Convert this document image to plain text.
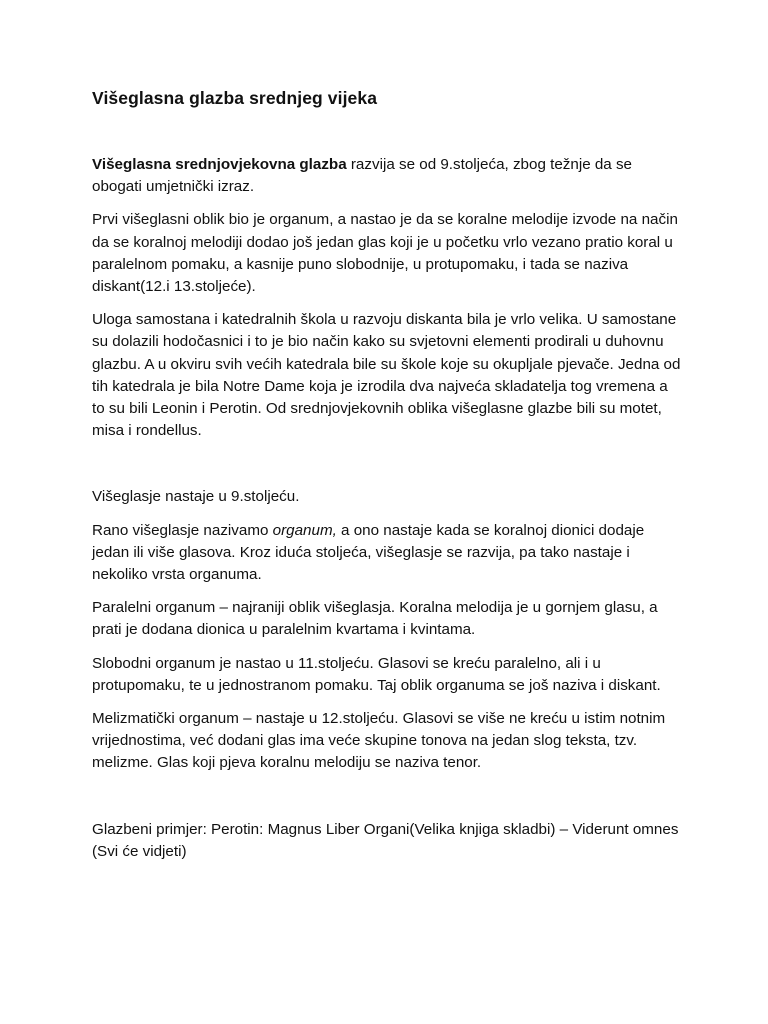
Višeglasna glazba srednjeg vijeka

Višeglasna srednjovjekovna glazba razvija se od 9.stoljeća, zbog težnje da se obogati umjetnički izraz.

Prvi višeglasni oblik bio je organum, a nastao je da se koralne melodije izvode na način da se koralnoj melodiji dodao još jedan glas koji je u početku vrlo vezano pratio koral u paralelnom pomaku, a kasnije puno slobodnije, u protupomaku, i tada se naziva diskant(12.i 13.stoljeće).

Uloga samostana i katedralnih škola u razvoju diskanta bila je vrlo velika. U samostane su dolazili hodočasnici i to je bio način kako su svjetovni elementi prodirali u duhovnu glazbu. A u okviru svih većih katedrala bile su škole koje su okupljale pjevače. Jedna od tih katedrala je bila Notre Dame koja je izrodila dva najveća skladatelja tog vremena a to su bili Leonin i Perotin. Od srednjovjekovnih oblika višeglasne glazbe bili su motet, misa i rondellus.

Višeglasje nastaje u 9.stoljeću.

Rano višeglasje nazivamo organum, a ono nastaje kada se koralnoj dionici dodaje jedan ili više glasova. Kroz iduća stoljeća, višeglasje se razvija, pa tako nastaje i nekoliko vrsta organuma.

Paralelni organum – najraniji oblik višeglasja. Koralna melodija je u gornjem glasu, a prati je dodana dionica u paralelnim kvartama i kvintama.

Slobodni organum je nastao u 11.stoljeću. Glasovi se kreću paralelno, ali i u protupomaku, te u jednostranom pomaku. Taj oblik organuma se još naziva i diskant.

Melizmatički organum – nastaje u 12.stoljeću. Glasovi se više ne kreću u istim notnim vrijednostima, već dodani glas ima veće skupine tonova na jedan slog teksta, tzv. melizme. Glas koji pjeva koralnu melodiju se naziva tenor.

Glazbeni primjer: Perotin: Magnus Liber Organi(Velika knjiga skladbi) – Viderunt omnes (Svi će vidjeti)
